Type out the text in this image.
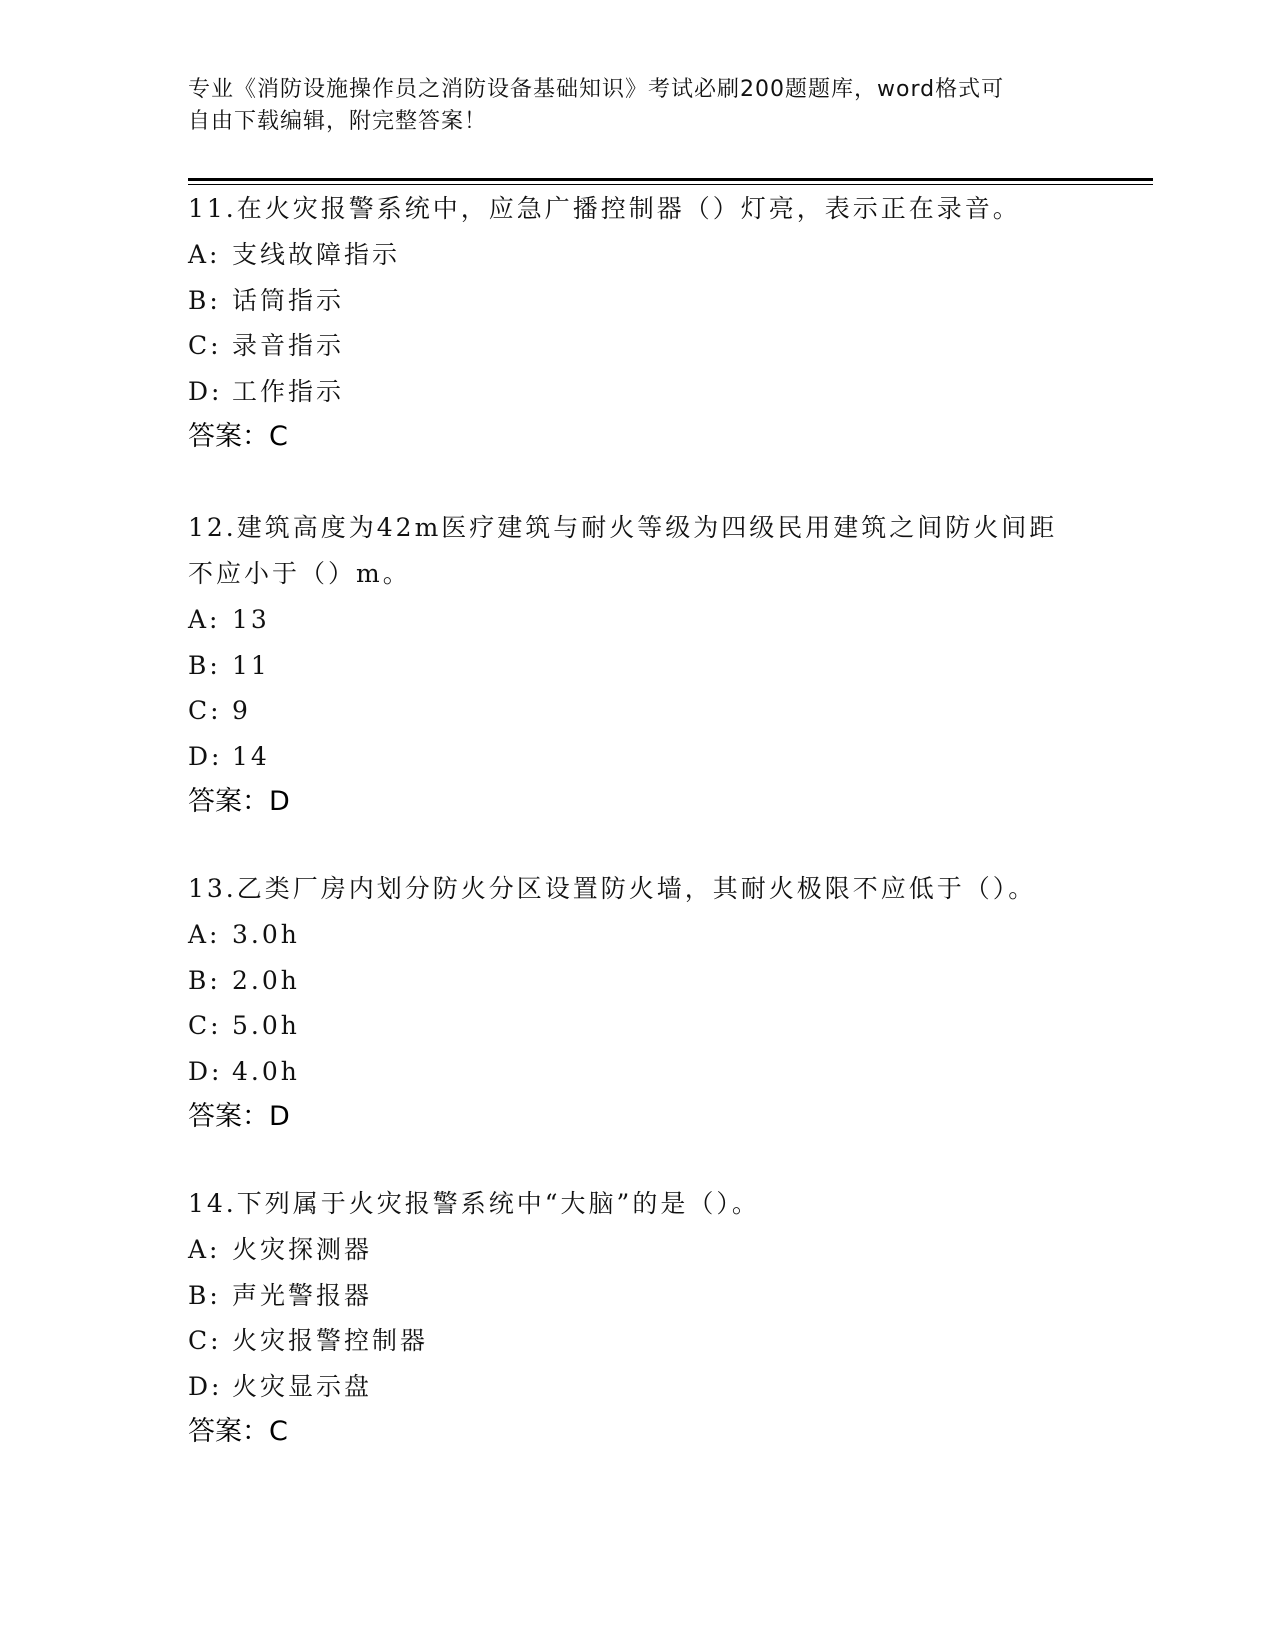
专业《消防设施操作员之消防设备基础知识》考试必刷200题题库，word格式可
自由下载编辑，附完整答案！
11.在火灾报警系统中，应急广播控制器（）灯亮，表示正在录音。
A: 支线故障指示
B: 话筒指示
C: 录音指示
D: 工作指示
答案：C
12.建筑高度为42m医疗建筑与耐火等级为四级民用建筑之间防火间距
不应小于（）m。
A: 13
B: 11
C: 9
D: 14
答案：D
13.乙类厂房内划分防火分区设置防火墙，其耐火极限不应低于（）。
A: 3.0h
B: 2.0h
C: 5.0h
D: 4.0h
答案：D
14.下列属于火灾报警系统中“大脑”的是（）。
A: 火灾探测器
B: 声光警报器
C: 火灾报警控制器
D: 火灾显示盘
答案：C
